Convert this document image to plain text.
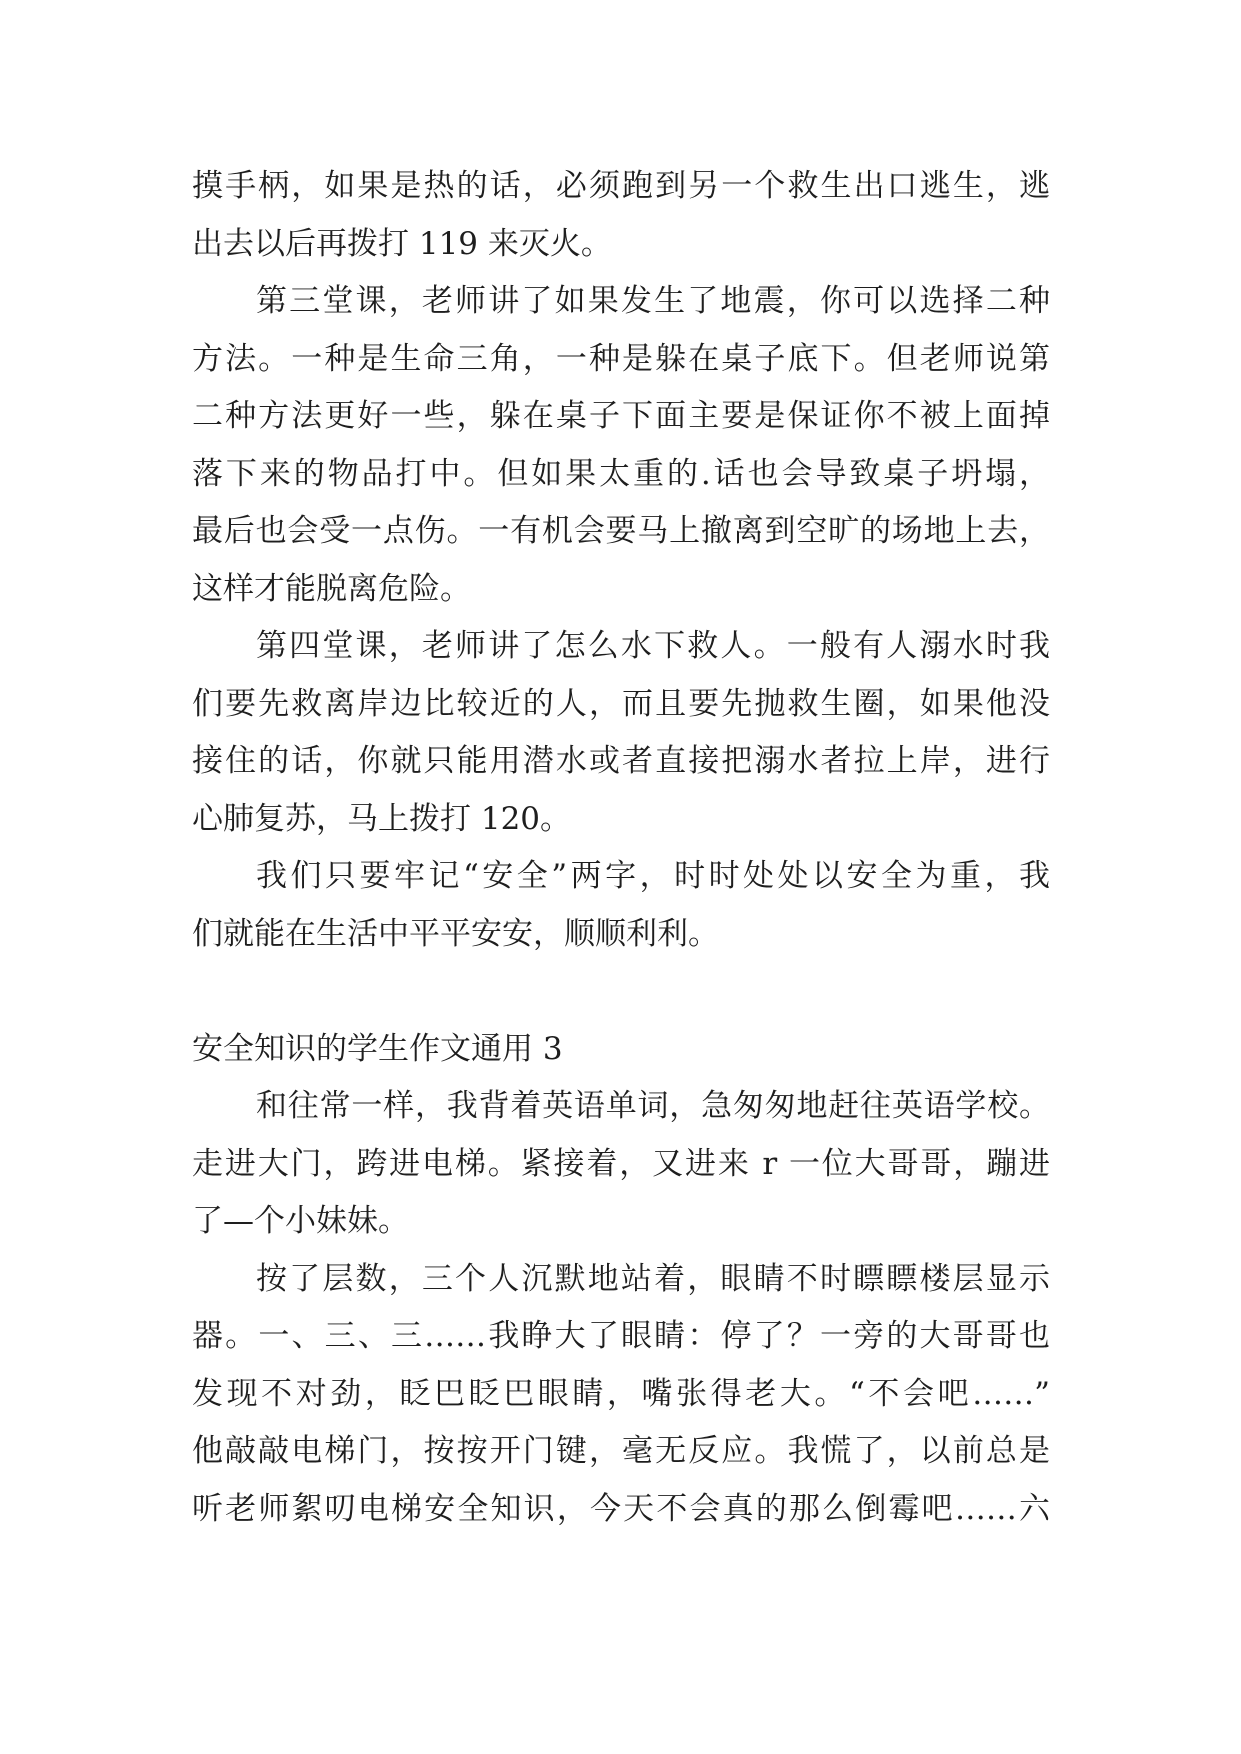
摸手柄，如果是热的话，必须跑到另一个救生出口逃生，逃
出去以后再拨打 119 来灭火。
第三堂课，老师讲了如果发生了地震，你可以选择二种
方法。一种是生命三角，一种是躲在桌子底下。但老师说第
二种方法更好一些，躲在桌子下面主要是保证你不被上面掉
落下来的物品打中。但如果太重的.话也会导致桌子坍塌，
最后也会受一点伤。一有机会要马上撤离到空旷的场地上去，
这样才能脱离危险。
第四堂课，老师讲了怎么水下救人。一般有人溺水时我
们要先救离岸边比较近的人，而且要先抛救生圈，如果他没
接住的话，你就只能用潜水或者直接把溺水者拉上岸，进行
心肺复苏，马上拨打 120。
我们只要牢记“安全”两字，时时处处以安全为重，我
们就能在生活中平平安安，顺顺利利。
安全知识的学生作文通用 3
和往常一样，我背着英语单词，急匆匆地赶往英语学校。
走进大门，跨进电梯。紧接着，又进来 r 一位大哥哥，蹦进
了—个小妹妹。
按了层数，三个人沉默地站着，眼睛不时瞟瞟楼层显示
器。一、三、三……我睁大了眼睛：停了？一旁的大哥哥也
发现不对劲，眨巴眨巴眼睛，嘴张得老大。“不会吧……”
他敲敲电梯门，按按开门键，毫无反应。我慌了，以前总是
听老师絮叨电梯安全知识，今天不会真的那么倒霉吧……六
